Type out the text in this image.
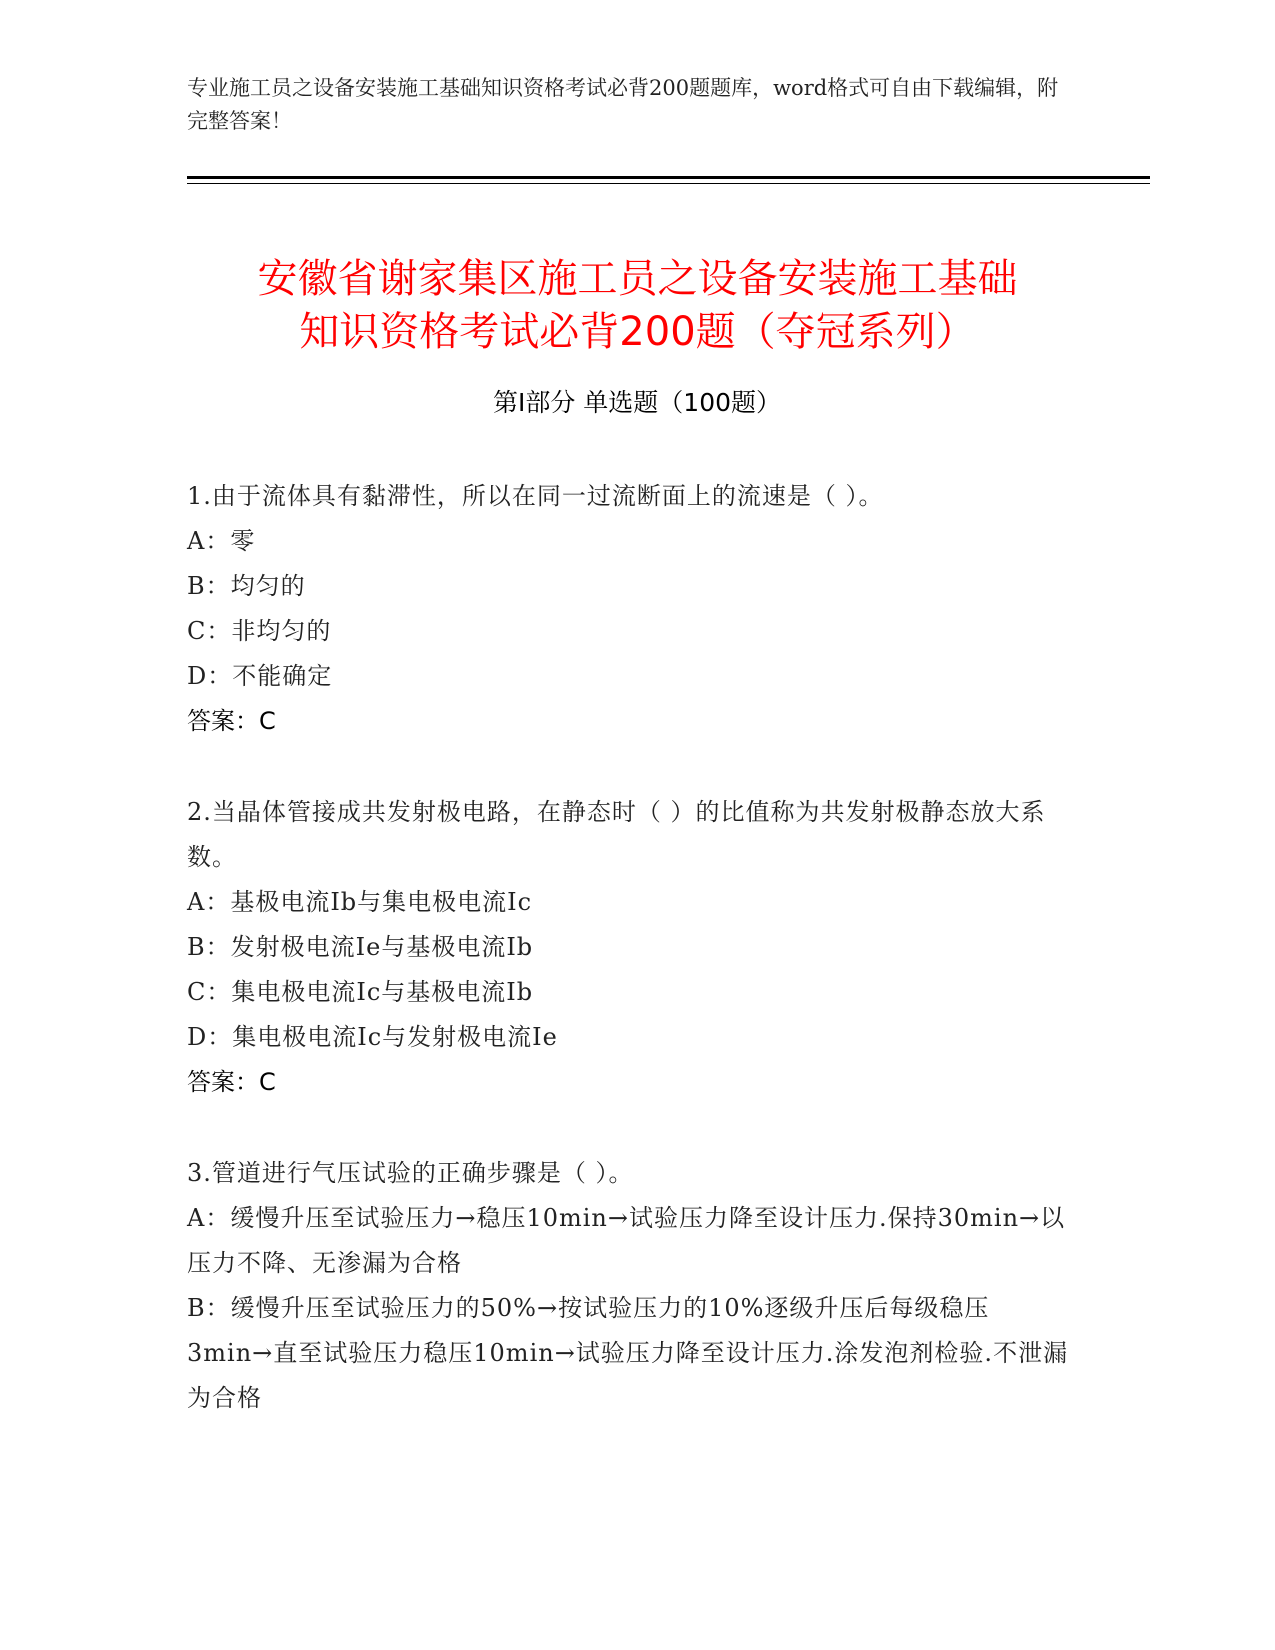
专业施工员之设备安装施工基础知识资格考试必背200题题库，word格式可自由下载编辑，附完整答案！
安徽省谢家集区施工员之设备安装施工基础
知识资格考试必背200题（夺冠系列）
第Ⅰ部分 单选题（100题）
1.由于流体具有黏滞性，所以在同一过流断面上的流速是（ ）。
A：零
B：均匀的
C：非均匀的
D：不能确定
答案：C
2.当晶体管接成共发射极电路，在静态时（ ）的比值称为共发射极静态放大系数。
A：基极电流Ib与集电极电流Ic
B：发射极电流Ie与基极电流Ib
C：集电极电流Ic与基极电流Ib
D：集电极电流Ic与发射极电流Ie
答案：C
3.管道进行气压试验的正确步骤是（ ）。
A：缓慢升压至试验压力→稳压10min→试验压力降至设计压力.保持30min→以压力不降、无渗漏为合格
B：缓慢升压至试验压力的50%→按试验压力的10%逐级升压后每级稳压3min→直至试验压力稳压10min→试验压力降至设计压力.涂发泡剂检验.不泄漏为合格
